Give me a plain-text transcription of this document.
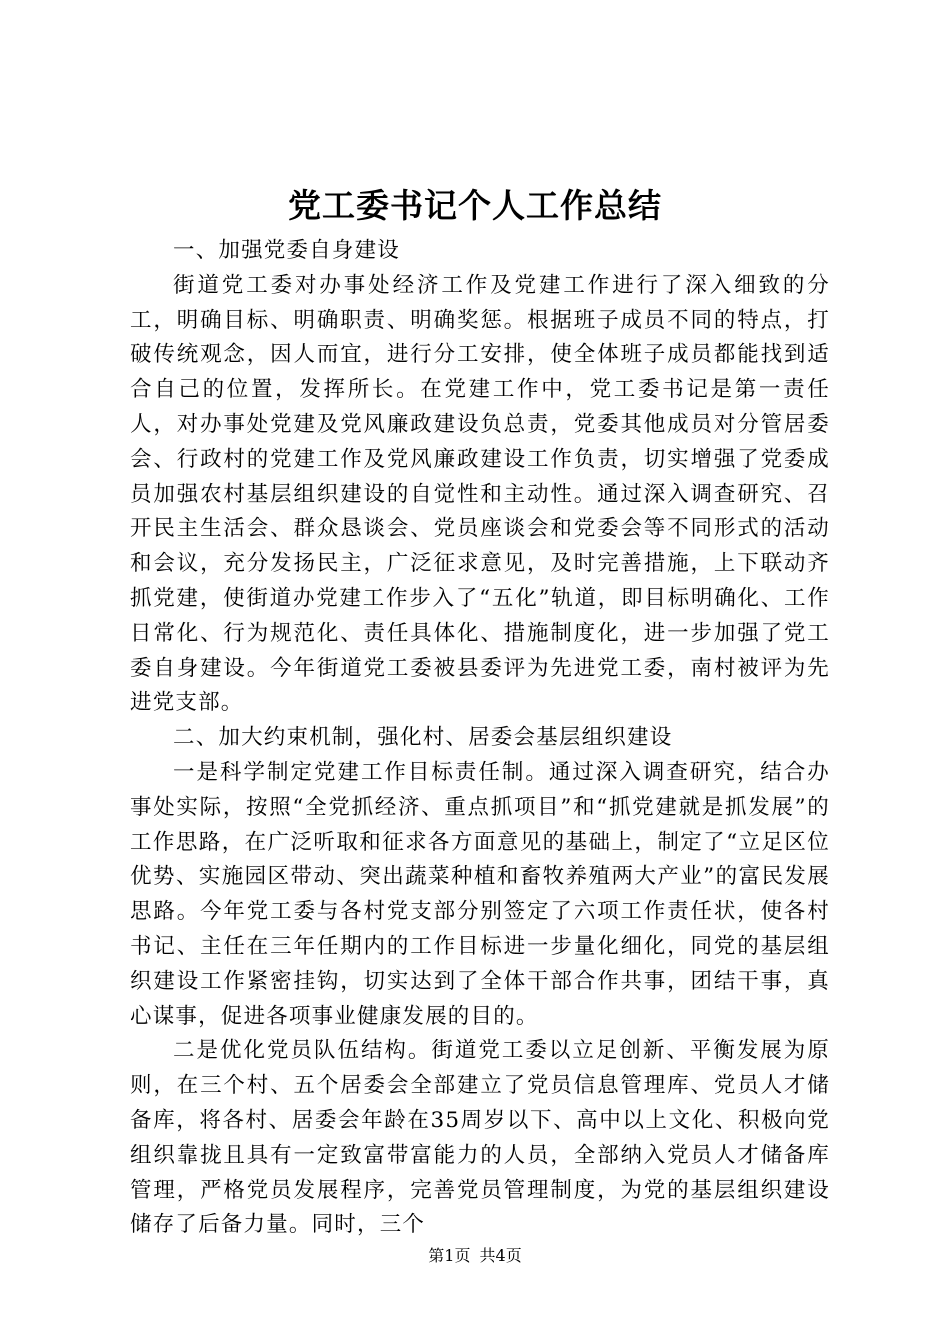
党工委书记个人工作总结

一、加强党委自身建设

街道党工委对办事处经济工作及党建工作进行了深入细致的分工，明确目标、明确职责、明确奖惩。根据班子成员不同的特点，打破传统观念，因人而宜，进行分工安排，使全体班子成员都能找到适合自己的位置，发挥所长。在党建工作中，党工委书记是第一责任人，对办事处党建及党风廉政建设负总责，党委其他成员对分管居委会、行政村的党建工作及党风廉政建设工作负责，切实增强了党委成员加强农村基层组织建设的自觉性和主动性。通过深入调查研究、召开民主生活会、群众恳谈会、党员座谈会和党委会等不同形式的活动和会议，充分发扬民主，广泛征求意见，及时完善措施，上下联动齐抓党建，使街道办党建工作步入了“五化”轨道，即目标明确化、工作日常化、行为规范化、责任具体化、措施制度化，进一步加强了党工委自身建设。今年街道党工委被县委评为先进党工委，南村被评为先进党支部。

二、加大约束机制，强化村、居委会基层组织建设

一是科学制定党建工作目标责任制。通过深入调查研究，结合办事处实际，按照“全党抓经济、重点抓项目”和“抓党建就是抓发展”的工作思路，在广泛听取和征求各方面意见的基础上，制定了“立足区位优势、实施园区带动、突出蔬菜种植和畜牧养殖两大产业”的富民发展思路。今年党工委与各村党支部分别签定了六项工作责任状，使各村书记、主任在三年任期内的工作目标进一步量化细化，同党的基层组织建设工作紧密挂钩，切实达到了全体干部合作共事，团结干事，真心谋事，促进各项事业健康发展的目的。

二是优化党员队伍结构。街道党工委以立足创新、平衡发展为原则，在三个村、五个居委会全部建立了党员信息管理库、党员人才储备库，将各村、居委会年龄在35周岁以下、高中以上文化、积极向党组织靠拢且具有一定致富带富能力的人员，全部纳入党员人才储备库管理，严格党员发展程序，完善党员管理制度，为党的基层组织建设储存了后备力量。同时，三个

第1页 共4页
